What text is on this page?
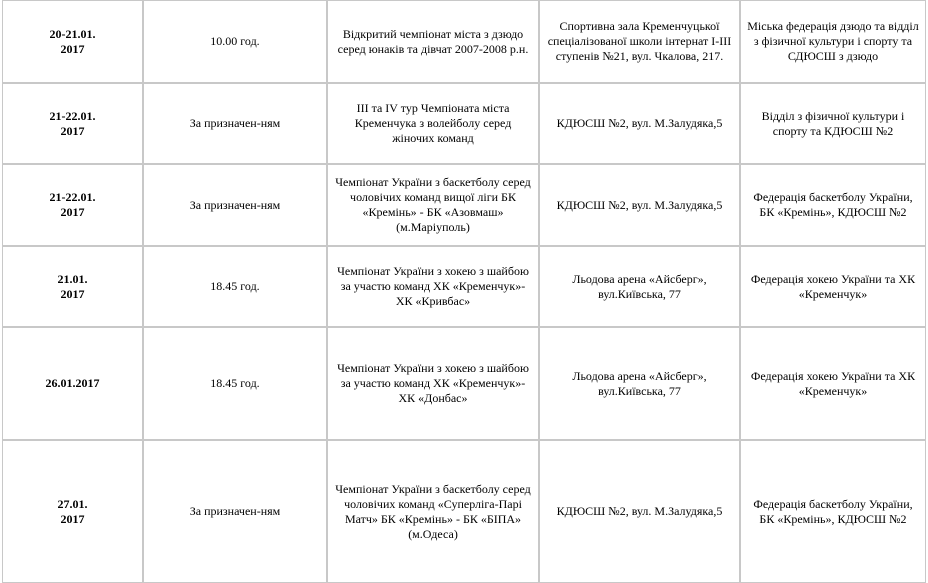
20-21.01.
2017	10.00 год.	Відкритий чемпіонат міста з дзюдо серед юнаків та дівчат 2007-2008 р.н.	Спортивна зала Кременчуцької спеціалізованої школи інтернат І-ІІІ ступенів №21, вул. Чкалова, 217.	Міська федерація дзюдо та відділ з фізичної культури і спорту та СДЮСШ з дзюдо

21-22.01.
2017	За призначен-ням	ІІІ та IV тур Чемпіоната міста Кременчука з волейболу серед жіночих команд	КДЮСШ №2, вул. М.Залудяка,5	Відділ з фізичної культури і спорту та КДЮСШ №2

21-22.01.
2017	За призначен-ням	Чемпіонат України з баскетболу серед чоловічих команд вищої ліги БК «Кремінь» - БК «Азовмаш» (м.Маріуполь)	КДЮСШ №2, вул. М.Залудяка,5	Федерація баскетболу України, БК «Кремінь», КДЮСШ №2

21.01.
2017	18.45 год.	Чемпіонат України з хокею з шайбою за участю команд ХК «Кременчук»- ХК «Кривбас»	Льодова арена «Айсберг»,
вул.Київська, 77	Федерація хокею України та ХК «Кременчук»
26.01.2017	18.45 год.	Чемпіонат України з хокею з шайбою за участю команд ХК «Кременчук»- ХК «Донбас»	Льодова арена «Айсберг»,
вул.Київська, 77	Федерація хокею України та ХК «Кременчук»

27.01.
2017	За призначен-ням	Чемпіонат України з баскетболу серед чоловічих команд «Суперліга-Парі Матч» БК «Кремінь» - БК «БІПА» (м.Одеса)	КДЮСШ №2, вул. М.Залудяка,5	Федерація баскетболу України, БК «Кремінь», КДЮСШ №2
